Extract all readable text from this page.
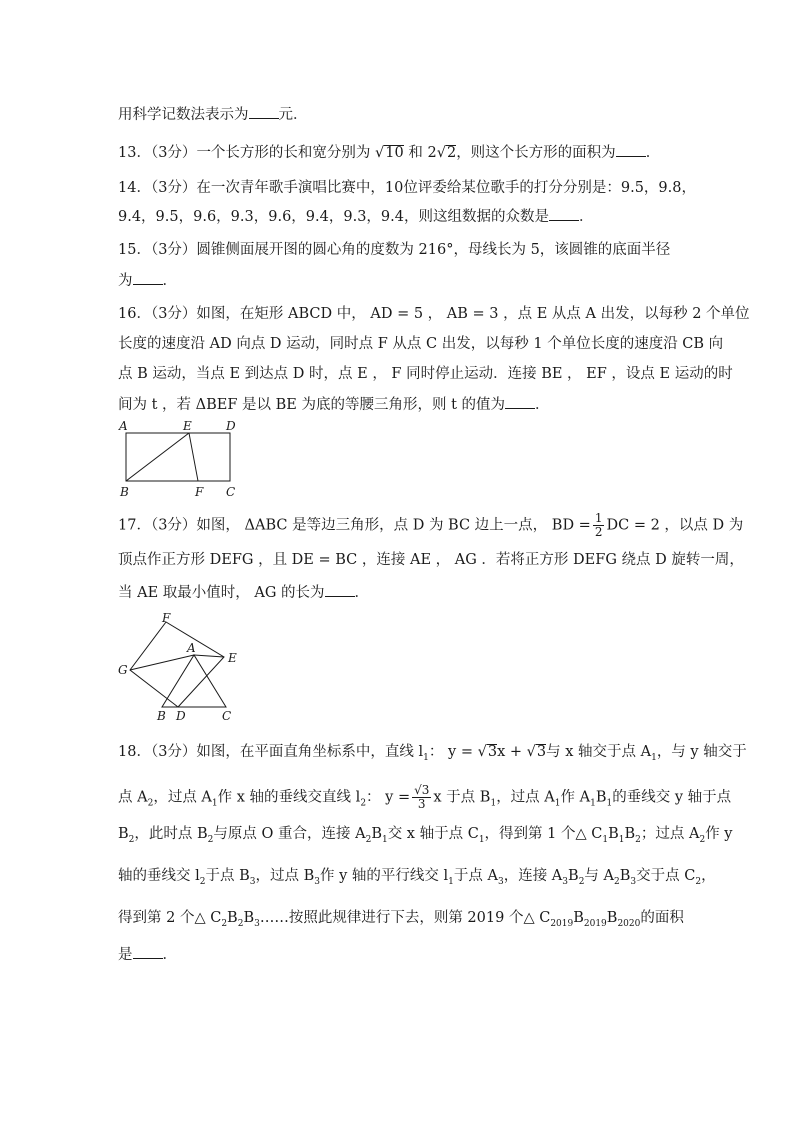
用科学记数法表示为 元．
13．（3分）一个长方形的长和宽分别为 √10 和 2√2，则这个长方形的面积为 ．
14．（3分）在一次青年歌手演唱比赛中，10位评委给某位歌手的打分分别是：9.5，9.8，
9.4，9.5，9.6，9.3，9.6，9.4，9.3，9.4，则这组数据的众数是 ．
15．（3分）圆锥侧面展开图的圆心角的度数为 216°，母线长为 5，该圆锥的底面半径
为 ．
16．（3分）如图，在矩形 ABCD 中， AD = 5 ， AB = 3 ，点 E 从点 A 出发，以每秒 2 个单位
长度的速度沿 AD 向点 D 运动，同时点 F 从点 C 出发，以每秒 1 个单位长度的速度沿 CB 向
点 B 运动，当点 E 到达点 D 时，点 E ， F 同时停止运动．连接 BE ， EF ，设点 E 运动的时
间为 t ，若 ΔBEF 是以 BE 为底的等腰三角形，则 t 的值为 ．
A	E	D
B	F C
17．（3分）如图， ΔABC 是等边三角形，点 D 为 BC 边上一点， BD = $\frac{1}{2}$ DC = 2 ，以点 D 为
顶点作正方形 DEFG ，且 DE = BC ，连接 AE ， AG ．若将正方形 DEFG 绕点 D 旋转一周，
当 AE 取最小值时， AG 的长为 ．
F
A
E
G
B D	C
18．（3分）如图，在平面直角坐标系中，直线 $l_1$： y = √3x + √3与 x 轴交于点 $A_1$，与 y 轴交于
点 $A_2$，过点 $A_1$作 x 轴的垂线交直线 $l_2$： $y = \frac{√3}{3}$ x 于点 $B_1$，过点 $A_1$作 $A_1B_1$的垂线交 y 轴于点
$B_2$，此时点 $B_2$与原点 O 重合，连接 $A_2B_1$交 x 轴于点 $C_1$，得到第 1 个△ $C_1B_1B_2$；过点 $A_2$作 y
轴的垂线交 $l_2$于点 $B_3$，过点 $B_3$作 y 轴的平行线交 $l_1$于点 $A_3$，连接 $A_3B_2$与 $A_2B_3$交于点 $C_2$，
得到第 2 个△ $C_2B_2B_3\dots\dots$按照此规律进行下去，则第 2019 个△ $C_{2019}B_{2019}B_{2020}$的面积
是 ．
